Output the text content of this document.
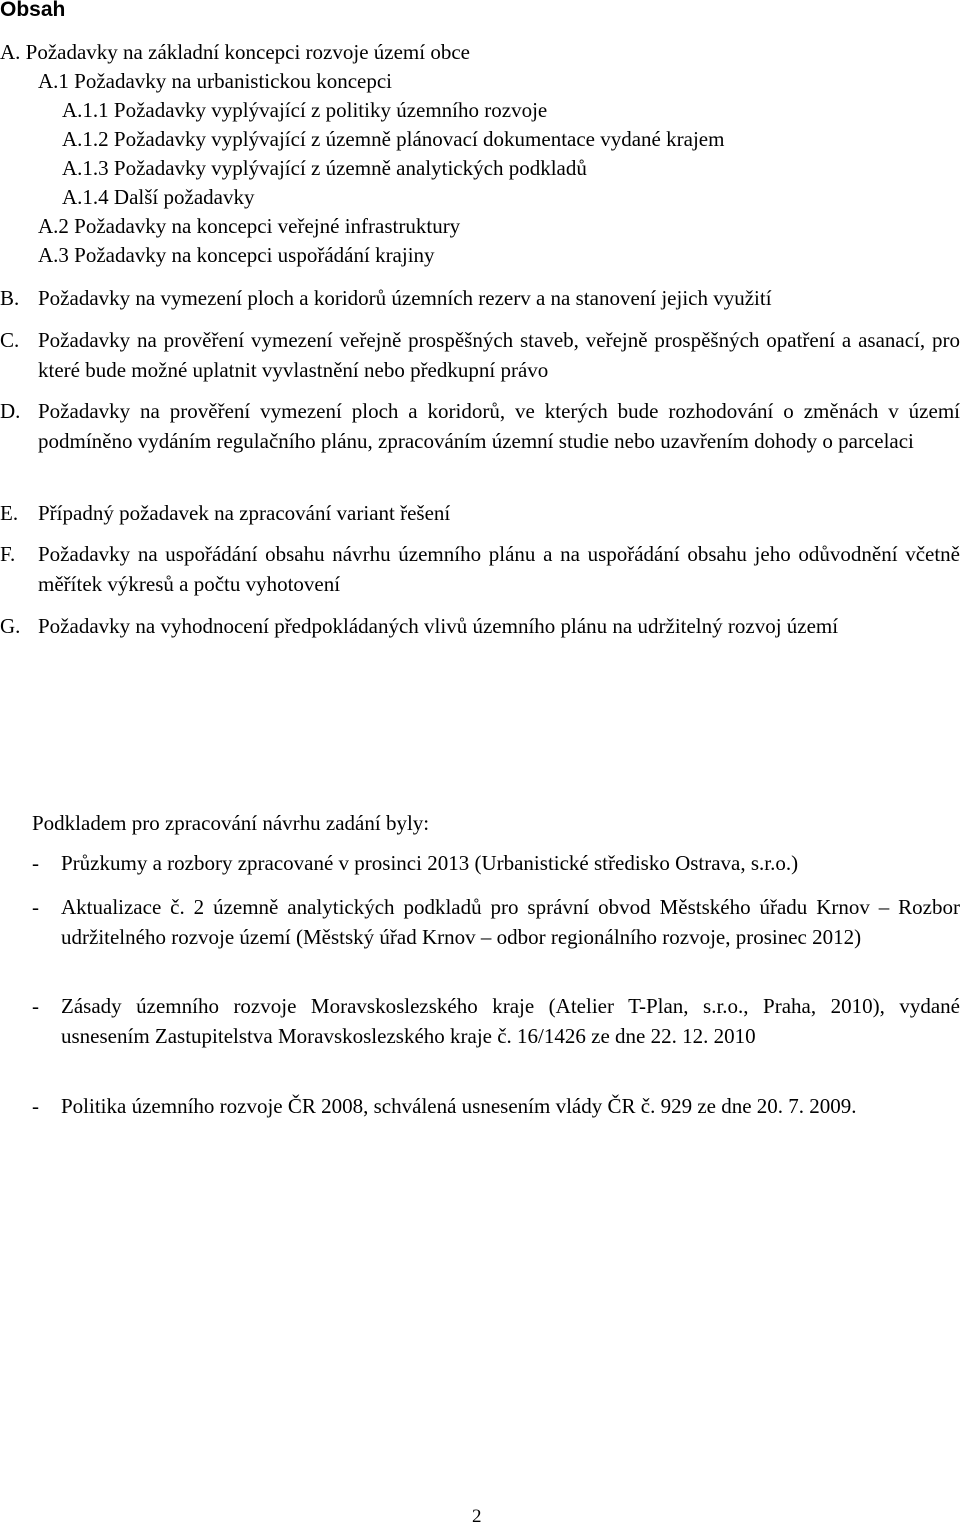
Obsah
A. Požadavky na základní koncepci rozvoje území obce
A.1 Požadavky na urbanistickou koncepci
A.1.1 Požadavky vyplývající z politiky územního rozvoje
A.1.2 Požadavky vyplývající z územně plánovací dokumentace vydané krajem
A.1.3 Požadavky vyplývající z územně analytických podkladů
A.1.4 Další požadavky
A.2 Požadavky na koncepci veřejné infrastruktury
A.3 Požadavky na koncepci uspořádání krajiny
B. Požadavky na vymezení ploch a koridorů územních rezerv a na stanovení jejich využití
C. Požadavky na prověření vymezení veřejně prospěšných staveb, veřejně prospěšných opatření a asanací, pro které bude možné uplatnit vyvlastnění nebo předkupní právo
D. Požadavky na prověření vymezení ploch a koridorů, ve kterých bude rozhodování o změnách v území podmíněno vydáním regulačního plánu, zpracováním územní studie nebo uzavřením dohody o parcelaci
E. Případný požadavek na zpracování variant řešení
F. Požadavky na uspořádání obsahu návrhu územního plánu a na uspořádání obsahu jeho odůvodnění včetně měřítek výkresů a počtu vyhotovení
G. Požadavky na vyhodnocení předpokládaných vlivů územního plánu na udržitelný rozvoj území
Podkladem pro zpracování návrhu zadání byly:
- Průzkumy a rozbory zpracované v prosinci 2013 (Urbanistické středisko Ostrava, s.r.o.)
- Aktualizace č. 2 územně analytických podkladů pro správní obvod Městského úřadu Krnov – Rozbor udržitelného rozvoje území (Městský úřad Krnov – odbor regionálního rozvoje, prosinec 2012)
- Zásady územního rozvoje Moravskoslezského kraje (Atelier T-Plan, s.r.o., Praha, 2010), vydané usnesením Zastupitelstva Moravskoslezského kraje č. 16/1426 ze dne 22. 12. 2010
- Politika územního rozvoje ČR 2008, schválená usnesením vlády ČR č. 929 ze dne 20. 7. 2009.
2
